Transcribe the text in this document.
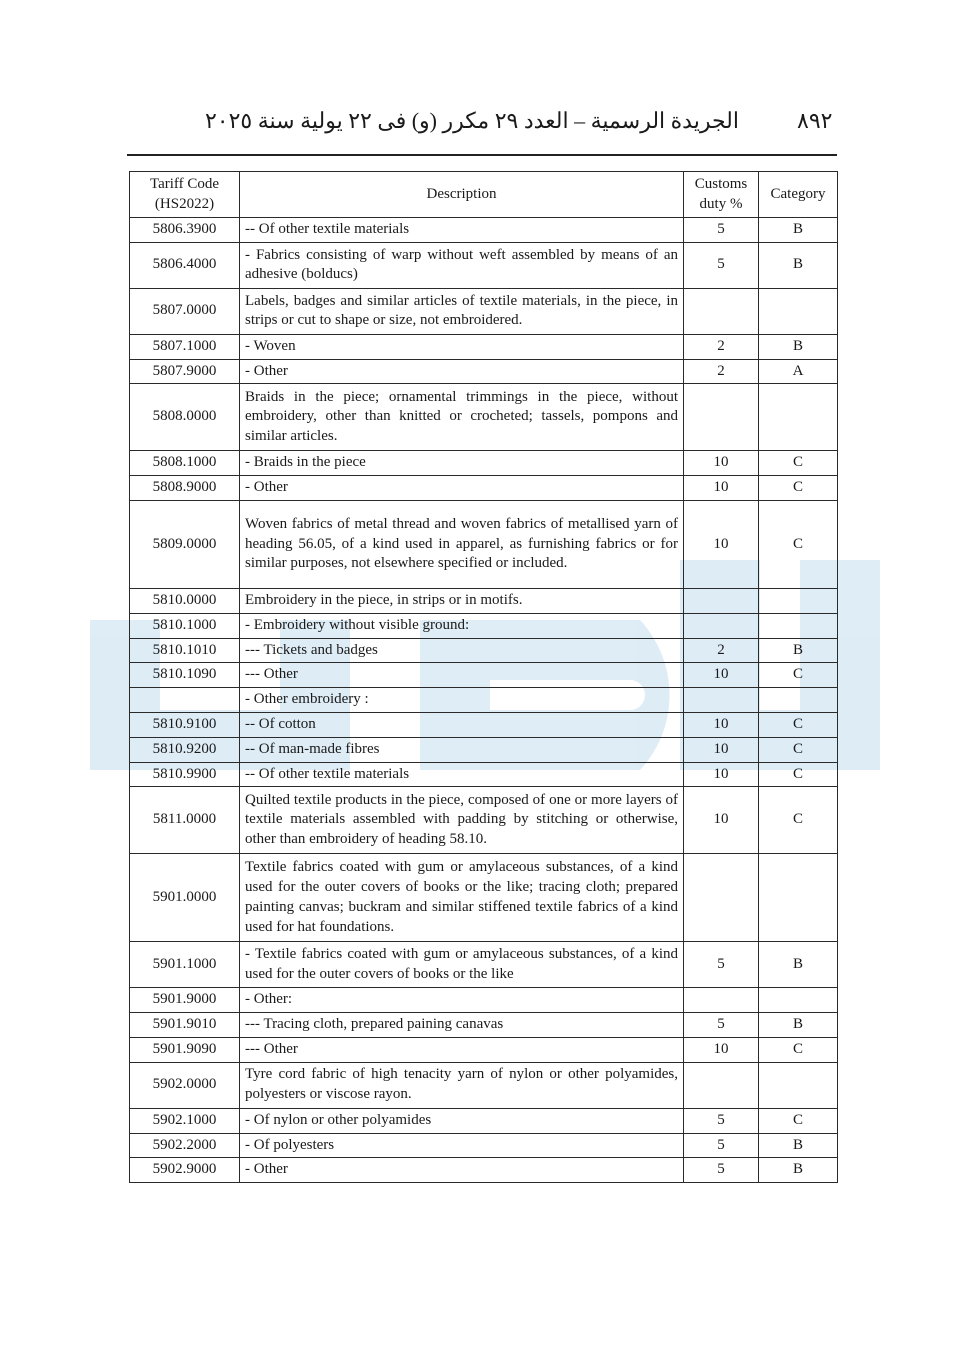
٨٩٢
الجريدة الرسمية – العدد ٢٩ مكرر (و) فى ٢٢ يولية سنة ٢٠٢٥
Tariff Code (HS2022)	Description	Customs duty %	Category
5806.3900	-- Of other textile materials	5	B
5806.4000	- Fabrics consisting of warp without weft assembled by means of an adhesive (bolducs)	5	B
5807.0000	Labels, badges and similar articles of textile materials, in the piece, in strips or cut to shape or size, not embroidered.		
5807.1000	- Woven	2	B
5807.9000	- Other	2	A
5808.0000	Braids in the piece; ornamental trimmings in the piece, without embroidery, other than knitted or crocheted; tassels, pompons and similar articles.		
5808.1000	- Braids in the piece	10	C
5808.9000	- Other	10	C
5809.0000	Woven fabrics of metal thread and woven fabrics of metallised yarn of heading 56.05, of a kind used in apparel, as furnishing fabrics or for similar purposes, not elsewhere specified or included.	10	C
5810.0000	Embroidery in the piece, in strips or in motifs.		
5810.1000	- Embroidery without visible ground:		
5810.1010	--- Tickets and badges	2	B
5810.1090	--- Other	10	C
	- Other embroidery :		
5810.9100	-- Of cotton	10	C
5810.9200	-- Of man-made fibres	10	C
5810.9900	-- Of other textile materials	10	C
5811.0000	Quilted textile products in the piece, composed of one or more layers of textile materials assembled with padding by stitching or otherwise, other than embroidery of heading 58.10.	10	C
5901.0000	Textile fabrics coated with gum or amylaceous substances, of a kind used for the outer covers of books or the like; tracing cloth; prepared painting canvas; buckram and similar stiffened textile fabrics of a kind used for hat foundations.		
5901.1000	- Textile fabrics coated with gum or amylaceous substances, of a kind used for the outer covers of books or the like	5	B
5901.9000	- Other:		
5901.9010	--- Tracing cloth, prepared paining canavas	5	B
5901.9090	--- Other	10	C
5902.0000	Tyre cord fabric of high tenacity yarn of nylon or other polyamides, polyesters or viscose rayon.		
5902.1000	- Of nylon or other polyamides	5	C
5902.2000	- Of polyesters	5	B
5902.9000	- Other	5	B
